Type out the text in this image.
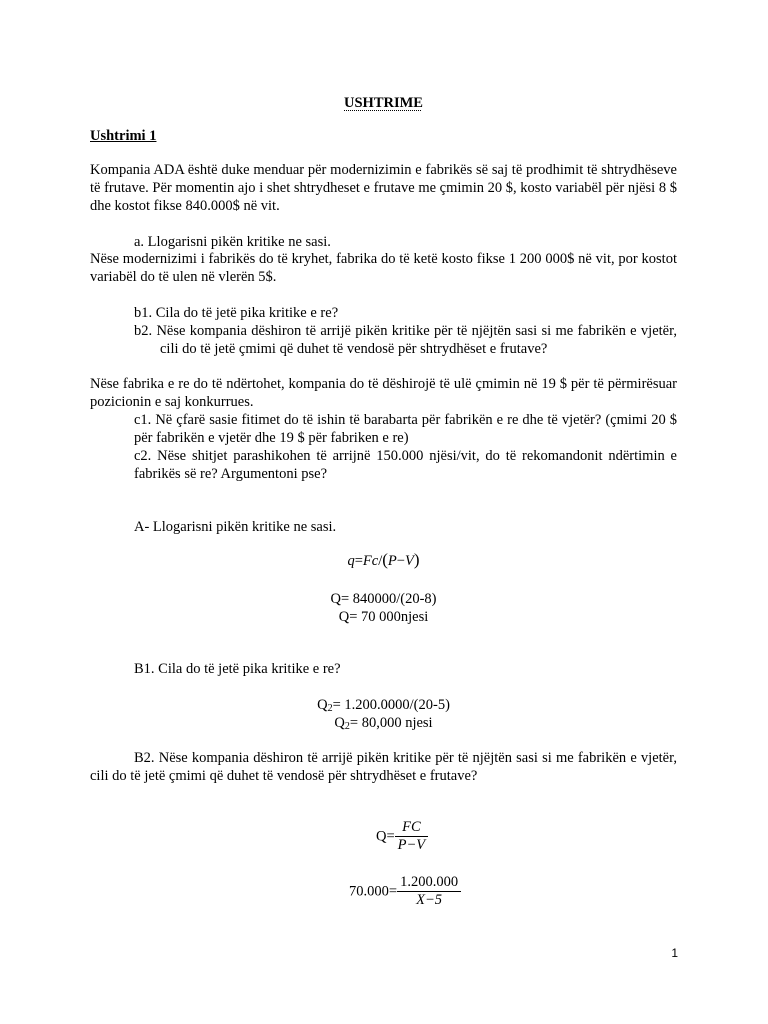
USHTRIME
Ushtrimi 1
Kompania ADA është duke menduar për modernizimin e fabrikës së saj të prodhimit të shtrydhëseve të frutave. Për momentin ajo i shet shtrydheset e frutave me çmimin 20 $, kosto variabël për njësi 8 $ dhe kostot fikse 840.000$ në vit.
a. Llogarisni pikën kritike ne sasi.
Nëse modernizimi i fabrikës do të kryhet, fabrika do të ketë kosto fikse 1 200 000$ në vit, por kostot variabël do të ulen në vlerën 5$.
b1. Cila do të jetë pika kritike e re?
b2. Nëse kompania dëshiron të arrijë pikën kritike për të njëjtën sasi si me fabrikën e vjetër, cili do të jetë çmimi që duhet të vendosë për shtrydhëset e frutave?
Nëse fabrika e re do të ndërtohet, kompania do të dëshirojë të ulë çmimin në 19 $ për të përmirësuar pozicionin e saj konkurrues.
c1. Në çfarë sasie fitimet do të ishin të barabarta për fabrikën e re dhe të vjetër? (çmimi 20 $ për fabrikën e vjetër dhe 19 $ për fabriken e re)
c2. Nëse shitjet parashikohen të arrijnë 150.000 njësi/vit, do të rekomandonit ndërtimin e fabrikës së re? Argumentoni pse?
A- Llogarisni pikën kritike ne sasi.
q=Fc/(P−V)
Q= 840000/(20-8)
Q= 70 000njesi
B1. Cila do të jetë pika kritike e re?
$Q_2= 1.200.0000/(20-5)$
$Q_2= 80,000$ njesi
B2. Nëse kompania dëshiron të arrijë pikën kritike për të njëjtën sasi si me fabrikën e vjetër, cili do të jetë çmimi që duhet të vendosë për shtrydhëset e frutave?
$Q= \frac{FC}{P-V}$
$70.000= \frac{1.200.000}{X-5}$
1
